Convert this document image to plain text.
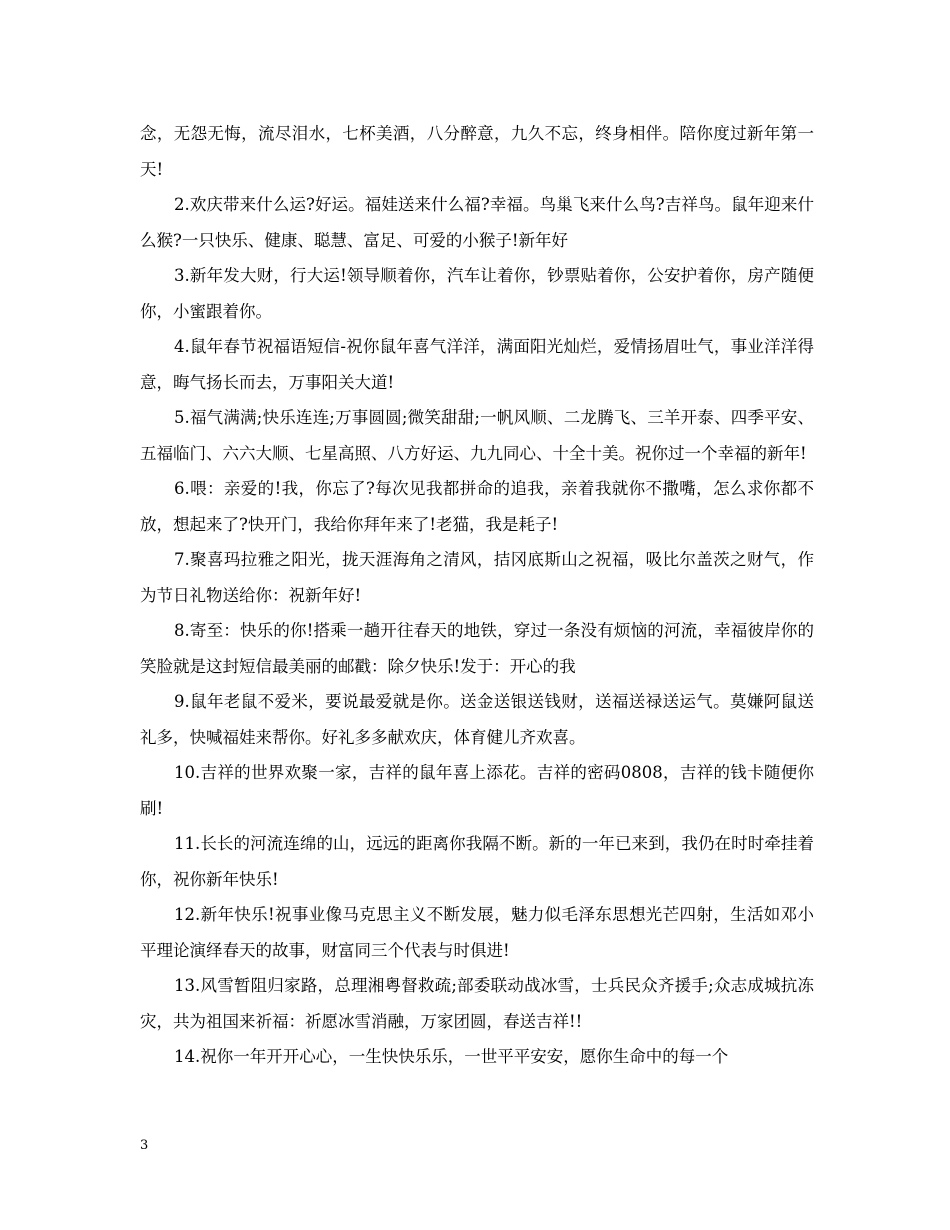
念，无怨无悔，流尽泪水，七杯美酒，八分醉意，九久不忘，终身相伴。陪你度过新年第一天!

2.欢庆带来什么运?好运。福娃送来什么福?幸福。鸟巢飞来什么鸟?吉祥鸟。鼠年迎来什么猴?一只快乐、健康、聪慧、富足、可爱的小猴子!新年好

3.新年发大财，行大运!领导顺着你，汽车让着你，钞票贴着你，公安护着你，房产随便你，小蜜跟着你。

4.鼠年春节祝福语短信-祝你鼠年喜气洋洋，满面阳光灿烂，爱情扬眉吐气，事业洋洋得意，晦气扬长而去，万事阳关大道!

5.福气满满;快乐连连;万事圆圆;微笑甜甜;一帆风顺、二龙腾飞、三羊开泰、四季平安、五福临门、六六大顺、七星高照、八方好运、九九同心、十全十美。祝你过一个幸福的新年!

6.喂：亲爱的!我，你忘了?每次见我都拼命的追我，亲着我就你不撒嘴，怎么求你都不放，想起来了?快开门，我给你拜年来了!老猫，我是耗子!

7.聚喜玛拉雅之阳光，拢天涯海角之清风，拮冈底斯山之祝福，吸比尔盖茨之财气，作为节日礼物送给你：祝新年好!

8.寄至：快乐的你!搭乘一趟开往春天的地铁，穿过一条没有烦恼的河流，幸福彼岸你的笑脸就是这封短信最美丽的邮戳：除夕快乐!发于：开心的我

9.鼠年老鼠不爱米，要说最爱就是你。送金送银送钱财，送福送禄送运气。莫嫌阿鼠送礼多，快喊福娃来帮你。好礼多多献欢庆，体育健儿齐欢喜。

10.吉祥的世界欢聚一家，吉祥的鼠年喜上添花。吉祥的密码0808，吉祥的钱卡随便你刷!

11.长长的河流连绵的山，远远的距离你我隔不断。新的一年已来到，我仍在时时牵挂着你，祝你新年快乐!

12.新年快乐!祝事业像马克思主义不断发展，魅力似毛泽东思想光芒四射，生活如邓小平理论演绎春天的故事，财富同三个代表与时俱进!

13.风雪暂阻归家路，总理湘粤督救疏;部委联动战冰雪，士兵民众齐援手;众志成城抗冻灾，共为祖国来祈福：祈愿冰雪消融，万家团圆，春送吉祥!!

14.祝你一年开开心心，一生快快乐乐，一世平平安安，愿你生命中的每一个

3
